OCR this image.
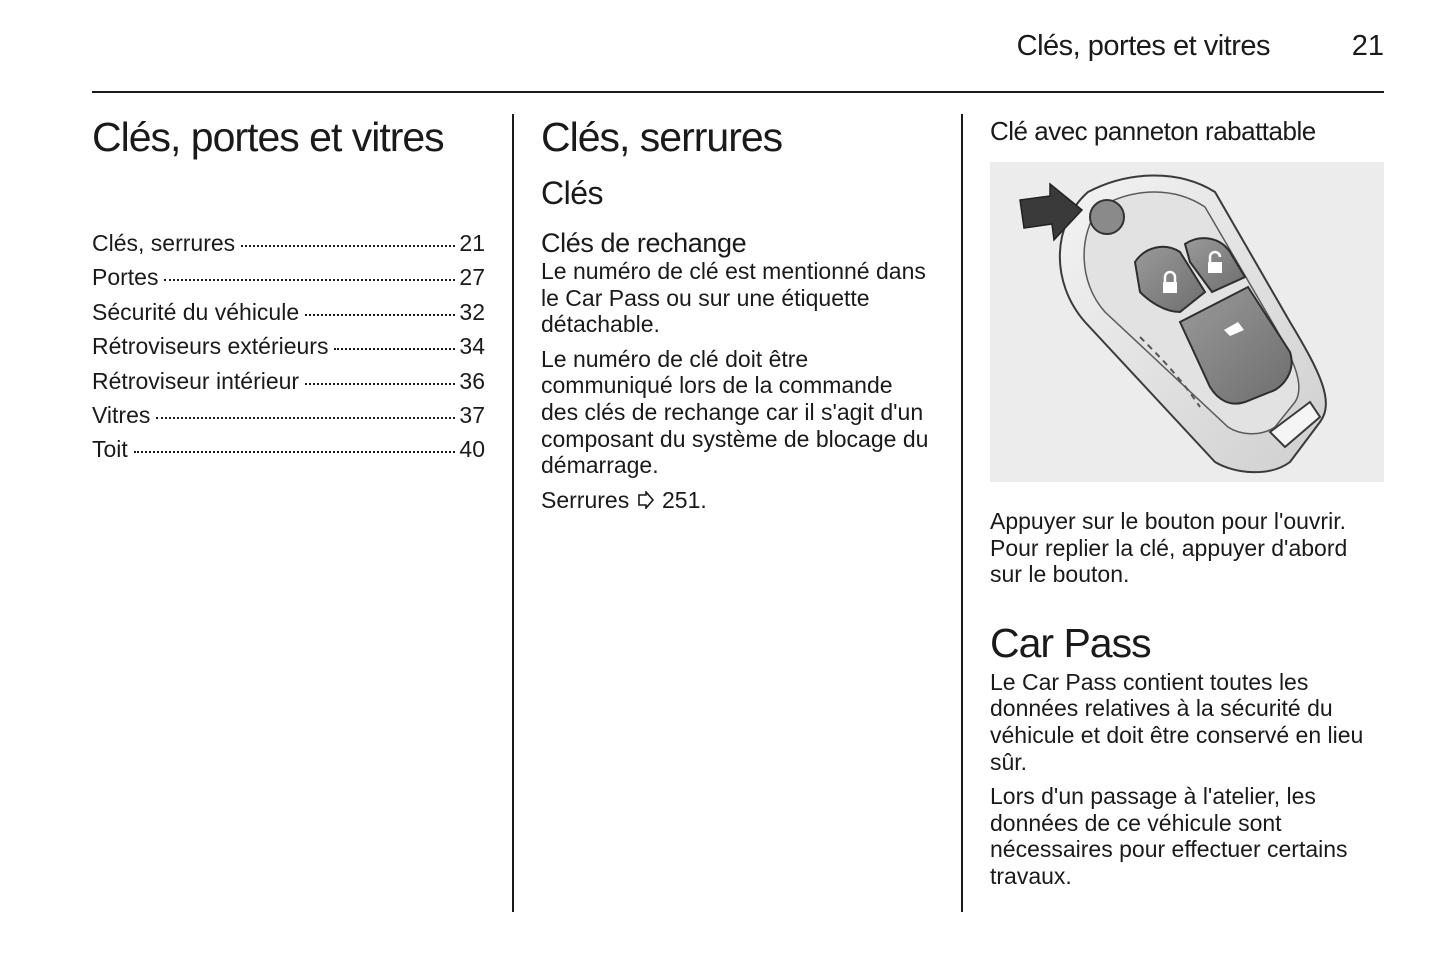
Clés, portes et vitres	21
Clés, portes et vitres
Clés, serrures	21
Portes	27
Sécurité du véhicule	32
Rétroviseurs extérieurs	34
Rétroviseur intérieur	36
Vitres	37
Toit	40
Clés, serrures
Clés
Clés de rechange

Le numéro de clé est mentionné dans le Car Pass ou sur une étiquette détachable.

Le numéro de clé doit être communiqué lors de la commande des clés de rechange car il s'agit d'un composant du système de blocage du démarrage.

Serrures 251.

Clé avec panneton rabattable

Appuyer sur le bouton pour l'ouvrir. Pour replier la clé, appuyer d'abord sur le bouton.

Car Pass

Le Car Pass contient toutes les données relatives à la sécurité du véhicule et doit être conservé en lieu sûr.

Lors d'un passage à l'atelier, les données de ce véhicule sont nécessaires pour effectuer certains travaux.
